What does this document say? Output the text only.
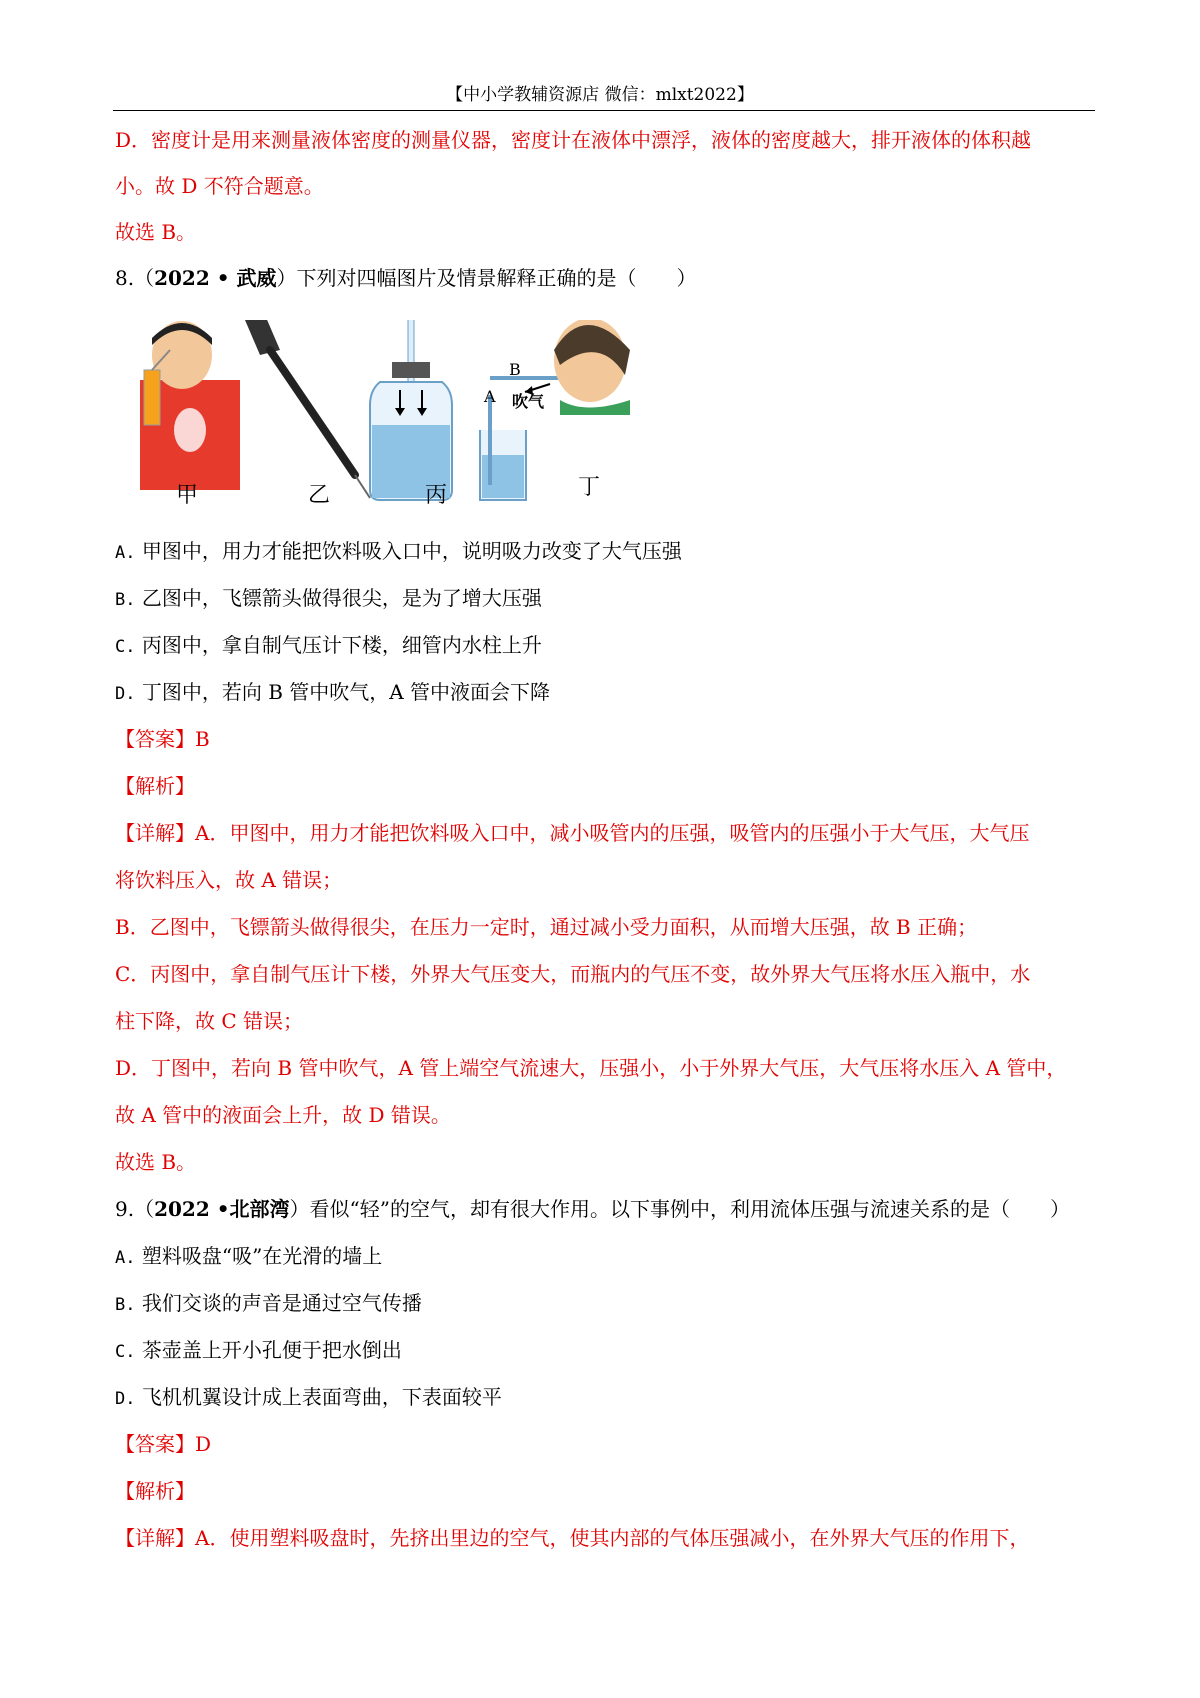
【中小学教辅资源店 微信：mlxt2022】
D．密度计是用来测量液体密度的测量仪器，密度计在液体中漂浮，液体的密度越大，排开液体的体积越
小。故 D 不符合题意。
故选 B。
8.（2022 • 武威）下列对四幅图片及情景解释正确的是（　　）
B
A 吹气
甲	乙	丙	丁
A. 甲图中，用力才能把饮料吸入口中，说明吸力改变了大气压强
B. 乙图中，飞镖箭头做得很尖，是为了增大压强
C. 丙图中，拿自制气压计下楼，细管内水柱上升
D. 丁图中，若向 B 管中吹气，A 管中液面会下降
【答案】B
【解析】
【详解】A．甲图中，用力才能把饮料吸入口中，减小吸管内的压强，吸管内的压强小于大气压，大气压
将饮料压入，故 A 错误；
B．乙图中，飞镖箭头做得很尖，在压力一定时，通过减小受力面积，从而增大压强，故 B 正确；
C．丙图中，拿自制气压计下楼，外界大气压变大，而瓶内的气压不变，故外界大气压将水压入瓶中，水
柱下降，故 C 错误；
D．丁图中，若向 B 管中吹气，A 管上端空气流速大，压强小，小于外界大气压，大气压将水压入 A 管中，
故 A 管中的液面会上升，故 D 错误。
故选 B。
9.（2022 •北部湾）看似“轻”的空气，却有很大作用。以下事例中，利用流体压强与流速关系的是（　　）
A. 塑料吸盘“吸”在光滑的墙上
B. 我们交谈的声音是通过空气传播
C. 茶壶盖上开小孔便于把水倒出
D. 飞机机翼设计成上表面弯曲，下表面较平
【答案】D
【解析】
【详解】A．使用塑料吸盘时，先挤出里边的空气，使其内部的气体压强减小，在外界大气压的作用下，
